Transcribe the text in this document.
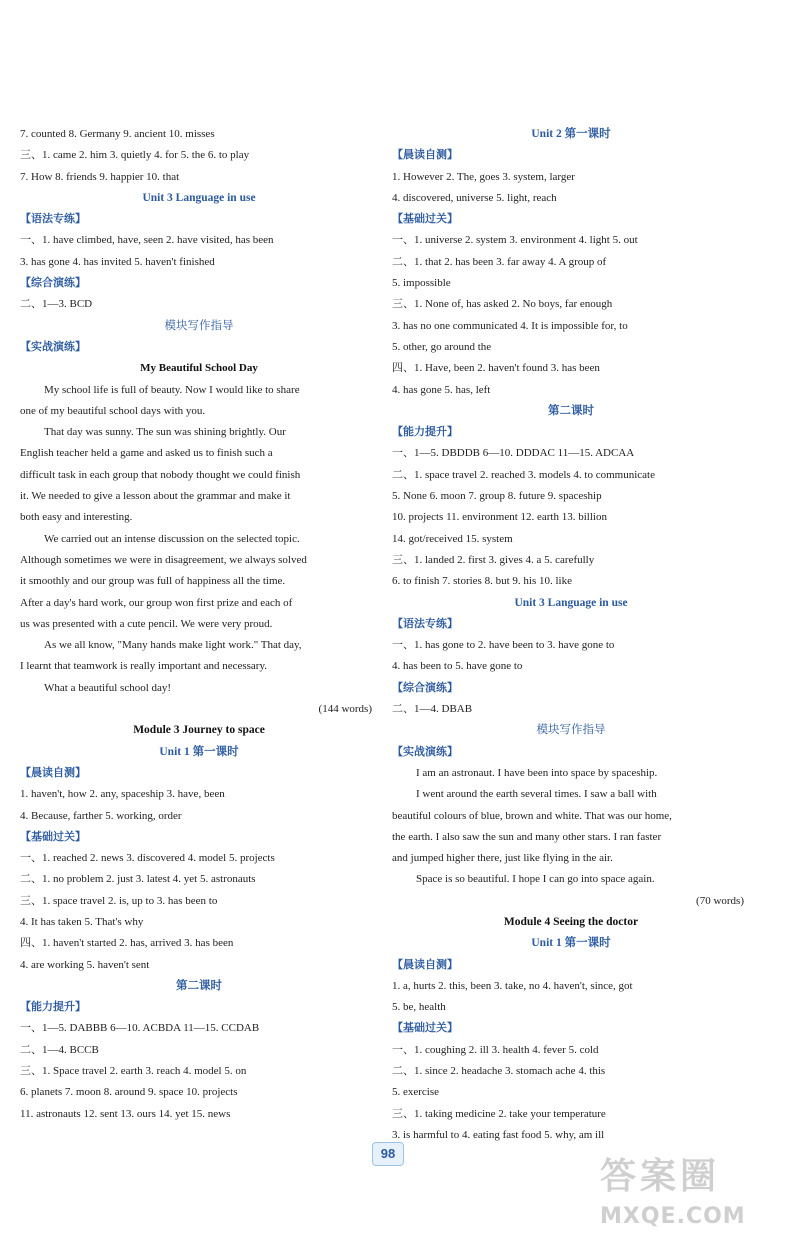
7. counted 8. Germany 9. ancient 10. misses
三、1. came 2. him 3. quietly 4. for 5. the 6. to play
7. How 8. friends 9. happier 10. that
Unit 3 Language in use
【语法专练】
一、1. have climbed, have, seen 2. have visited, has been
3. has gone 4. has invited 5. haven't finished
【综合演练】
二、1—3. BCD
模块写作指导
【实战演练】
My Beautiful School Day
My school life is full of beauty. Now I would like to share
one of my beautiful school days with you.
That day was sunny. The sun was shining brightly. Our
English teacher held a game and asked us to finish such a
difficult task in each group that nobody thought we could finish
it. We needed to give a lesson about the grammar and make it
both easy and interesting.
We carried out an intense discussion on the selected topic.
Although sometimes we were in disagreement, we always solved
it smoothly and our group was full of happiness all the time.
After a day's hard work, our group won first prize and each of
us was presented with a cute pencil. We were very proud.
As we all know, "Many hands make light work." That day,
I learnt that teamwork is really important and necessary.
What a beautiful school day!
(144 words)
Module 3 Journey to space
Unit 1 第一课时
【晨读自测】
1. haven't, how 2. any, spaceship 3. have, been
4. Because, farther 5. working, order
【基础过关】
一、1. reached 2. news 3. discovered 4. model 5. projects
二、1. no problem 2. just 3. latest 4. yet 5. astronauts
三、1. space travel 2. is, up to 3. has been to
4. It has taken 5. That's why
四、1. haven't started 2. has, arrived 3. has been
4. are working 5. haven't sent
第二课时
【能力提升】
一、1—5. DABBB 6—10. ACBDA 11—15. CCDAB
二、1—4. BCCB
三、1. Space travel 2. earth 3. reach 4. model 5. on
6. planets 7. moon 8. around 9. space 10. projects
11. astronauts 12. sent 13. ours 14. yet 15. news
Unit 2 第一课时
【晨读自测】
1. However 2. The, goes 3. system, larger
4. discovered, universe 5. light, reach
【基础过关】
一、1. universe 2. system 3. environment 4. light 5. out
二、1. that 2. has been 3. far away 4. A group of
5. impossible
三、1. None of, has asked 2. No boys, far enough
3. has no one communicated 4. It is impossible for, to
5. other, go around the
四、1. Have, been 2. haven't found 3. has been
4. has gone 5. has, left
第二课时
【能力提升】
一、1—5. DBDDB 6—10. DDDAC 11—15. ADCAA
二、1. space travel 2. reached 3. models 4. to communicate
5. None 6. moon 7. group 8. future 9. spaceship
10. projects 11. environment 12. earth 13. billion
14. got/received 15. system
三、1. landed 2. first 3. gives 4. a 5. carefully
6. to finish 7. stories 8. but 9. his 10. like
Unit 3 Language in use
【语法专练】
一、1. has gone to 2. have been to 3. have gone to
4. has been to 5. have gone to
【综合演练】
二、1—4. DBAB
模块写作指导
【实战演练】
I am an astronaut. I have been into space by spaceship.
I went around the earth several times. I saw a ball with
beautiful colours of blue, brown and white. That was our home,
the earth. I also saw the sun and many other stars. I ran faster
and jumped higher there, just like flying in the air.
Space is so beautiful. I hope I can go into space again.
(70 words)
Module 4 Seeing the doctor
Unit 1 第一课时
【晨读自测】
1. a, hurts 2. this, been 3. take, no 4. haven't, since, got
5. be, health
【基础过关】
一、1. coughing 2. ill 3. health 4. fever 5. cold
二、1. since 2. headache 3. stomach ache 4. this
5. exercise
三、1. taking medicine 2. take your temperature
3. is harmful to 4. eating fast food 5. why, am ill
98
答案圈
MXQE.COM
